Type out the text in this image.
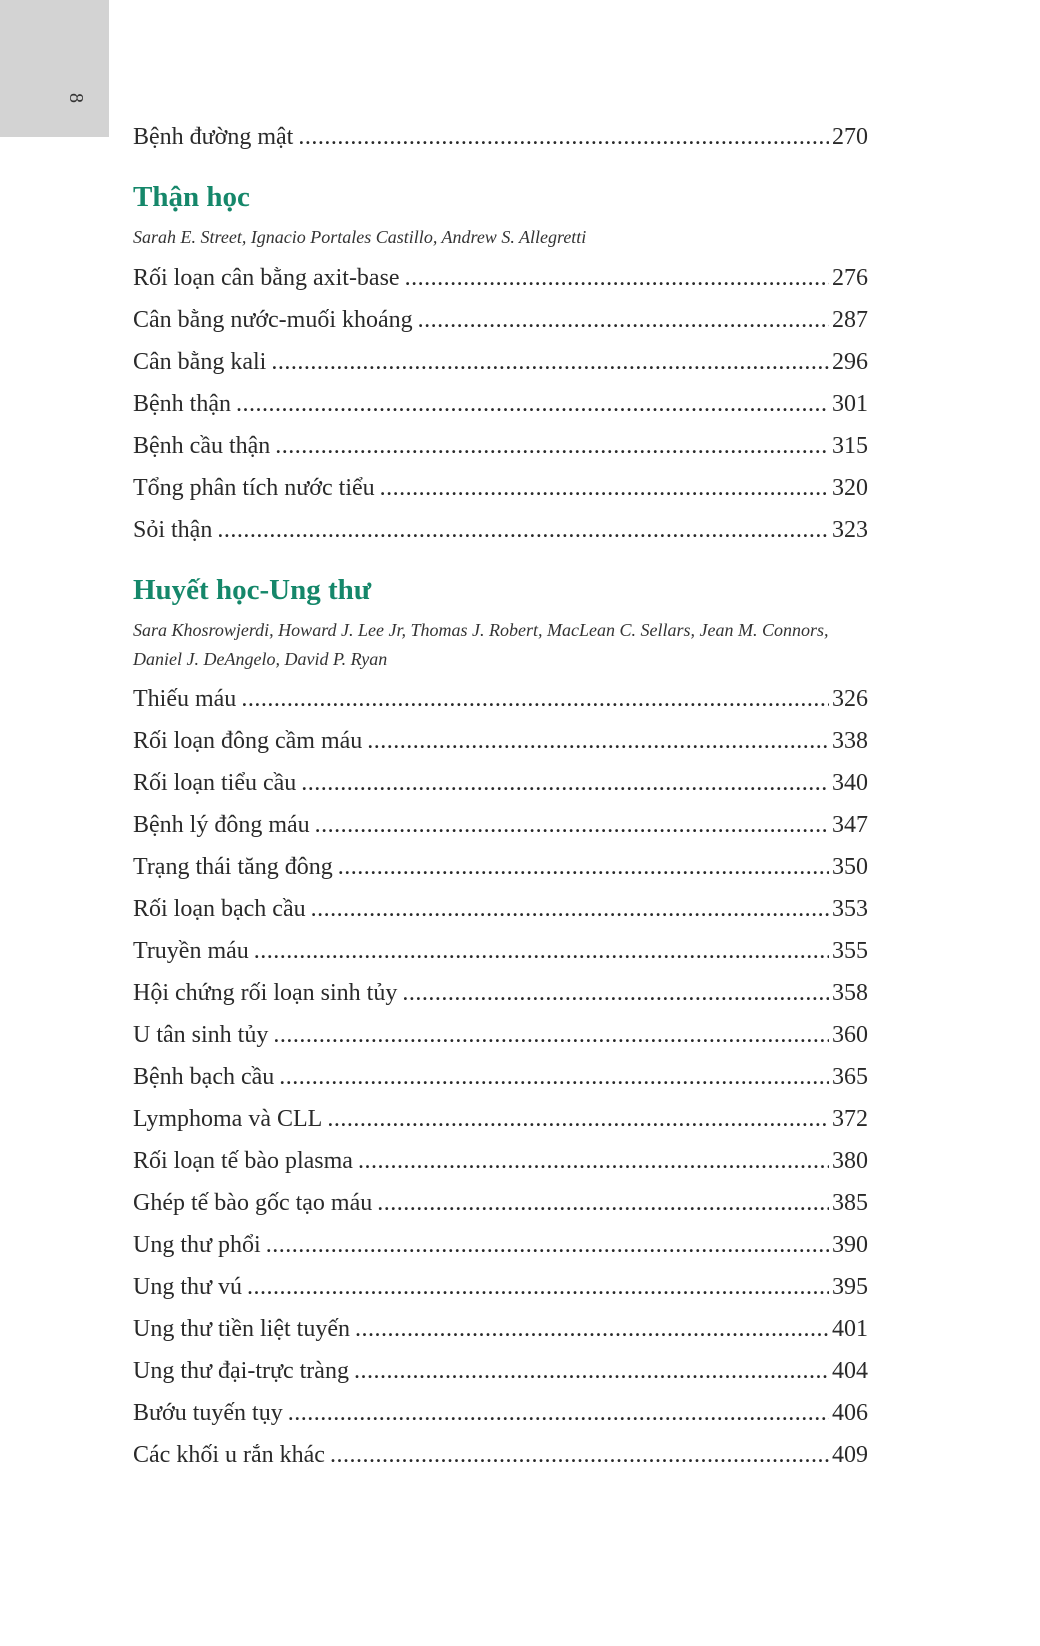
8
Bệnh đường mật .....	270
Thận học
Sarah E. Street, Ignacio Portales Castillo, Andrew S. Allegretti
Rối loạn cân bằng axit-base .....	276
Cân bằng nước-muối khoáng .....	287
Cân bằng kali .....	296
Bệnh thận .....	301
Bệnh cầu thận .....	315
Tổng phân tích nước tiểu .....	320
Sỏi thận .....	323
Huyết học-Ung thư
Sara Khosrowjerdi, Howard J. Lee Jr, Thomas J. Robert, MacLean C. Sellars, Jean M. Connors, Daniel J. DeAngelo, David P. Ryan
Thiếu máu .....	326
Rối loạn đông cầm máu .....	338
Rối loạn tiểu cầu .....	340
Bệnh lý đông máu .....	347
Trạng thái tăng đông .....	350
Rối loạn bạch cầu .....	353
Truyền máu .....	355
Hội chứng rối loạn sinh tủy .....	358
U tân sinh tủy .....	360
Bệnh bạch cầu .....	365
Lymphoma và CLL .....	372
Rối loạn tế bào plasma .....	380
Ghép tế bào gốc tạo máu .....	385
Ung thư phổi .....	390
Ung thư vú .....	395
Ung thư tiền liệt tuyến .....	401
Ung thư đại-trực tràng .....	404
Bướu tuyến tụy .....	406
Các khối u rắn khác .....	409
